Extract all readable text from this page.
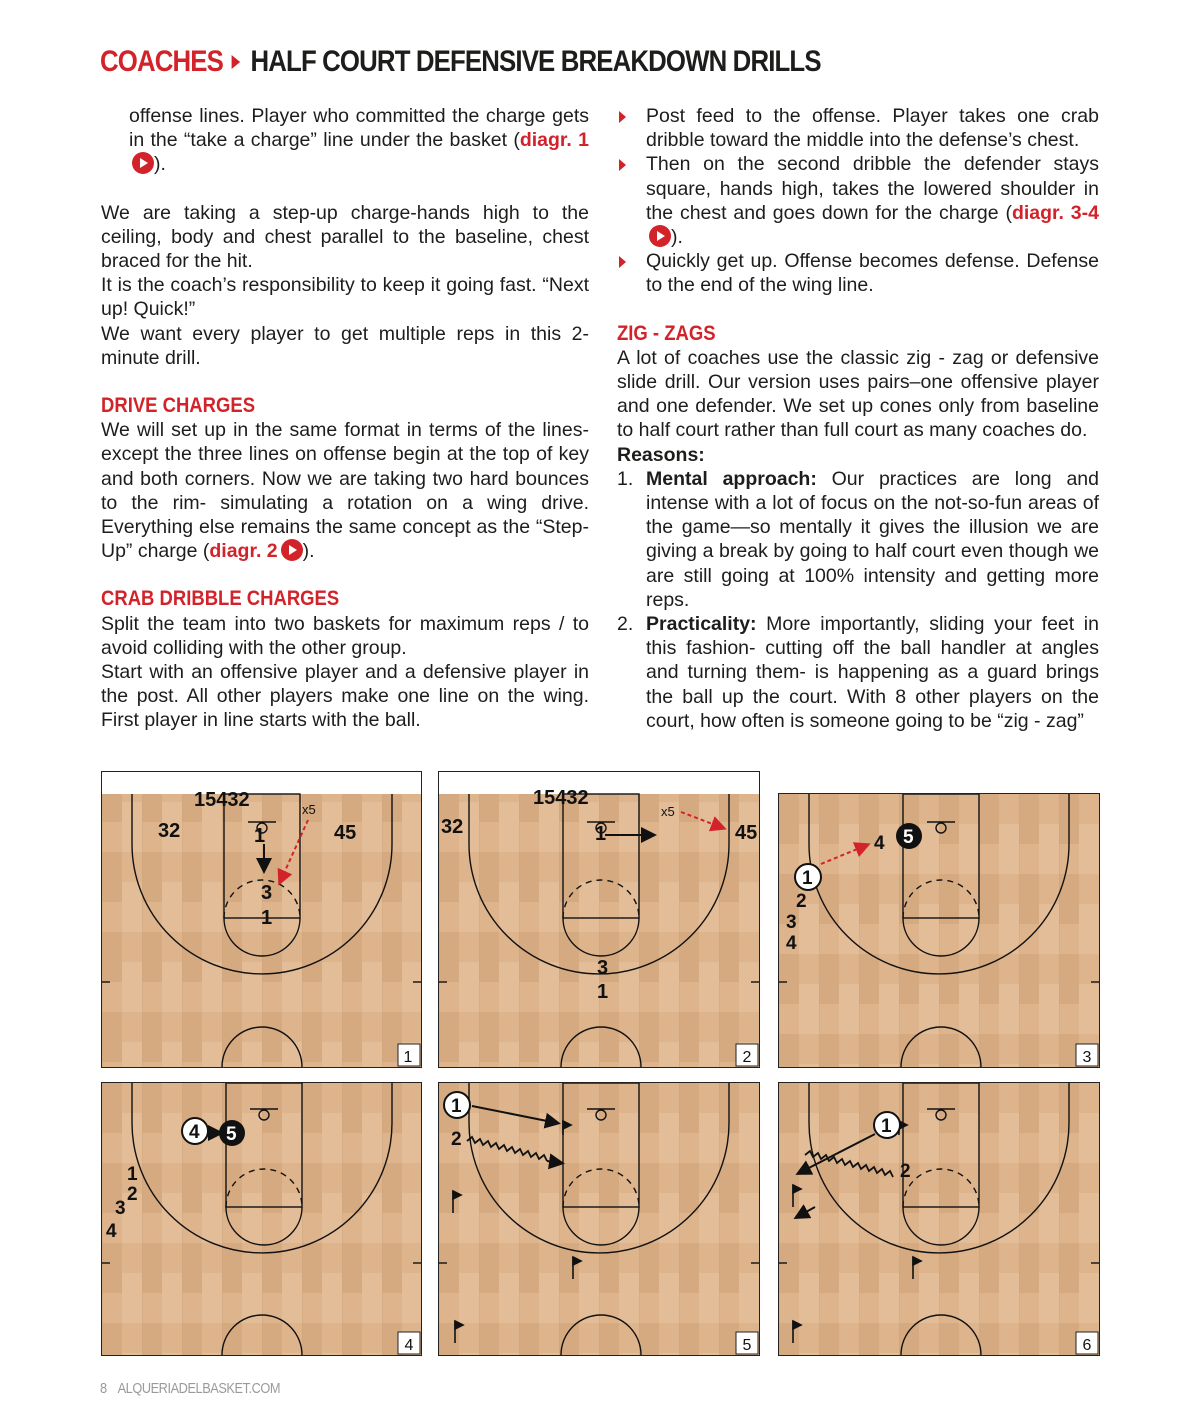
COACHES HALF COURT DEFENSIVE BREAKDOWN DRILLS

offense lines. Player who committed the charge gets in the “take a charge” line under the basket (diagr. 1).

We are taking a step-up charge-hands high to the ceiling, body and chest parallel to the baseline, chest braced for the hit.

It is the coach’s responsibility to keep it going fast. “Next up! Quick!”

We want every player to get multiple reps in this 2-minute drill.

DRIVE CHARGES

We will set up in the same format in terms of the lines- except the three lines on offense begin at the top of key and both corners. Now we are taking two hard bounces to the rim- simulating a rotation on a wing drive. Everything else remains the same concept as the “Step-Up” charge (diagr. 2 ).

CRAB DRIBBLE CHARGES

Split the team into two baskets for maximum reps / to avoid colliding with the other group.

Start with an offensive player and a defensive player in the post. All other players make one line on the wing. First player in line starts with the ball.

Post feed to the offense. Player takes one crab dribble toward the middle into the defense’s chest.
Then on the second dribble the defender stays square, hands high, takes the lowered shoulder in the chest and goes down for the charge (diagr. 3-4 ).
Quickly get up. Offense becomes defense. Defense to the end of the wing line.
ZIG - ZAGS

A lot of coaches use the classic zig - zag or defensive slide drill. Our version uses pairs–one offensive player and one defender. We set up cones only from baseline to half court rather than full court as many coaches do.

Reasons:

1. Mental approach: Our practices are long and intense with a lot of focus on the not-so-fun areas of the game—so mentally it gives the illusion we are giving a break by going to half court even though we are still going at 100% intensity and getting more reps.
2. Practicality: More importantly, sliding your feet in this fashion- cutting off the ball handler at angles and turning them- is happening as a guard brings the ball up the court. With 8 other players on the court, how often is someone going to be “zig - zag”
15432
32	45
1
3
1
x5
1
15432
32	45
1
3
1
x5
2
1
2
3
4
4 5
3
4 5
1
2
3
4
4
1
2
5
1
2
6
8 ALQUERIADELBASKET.COM
